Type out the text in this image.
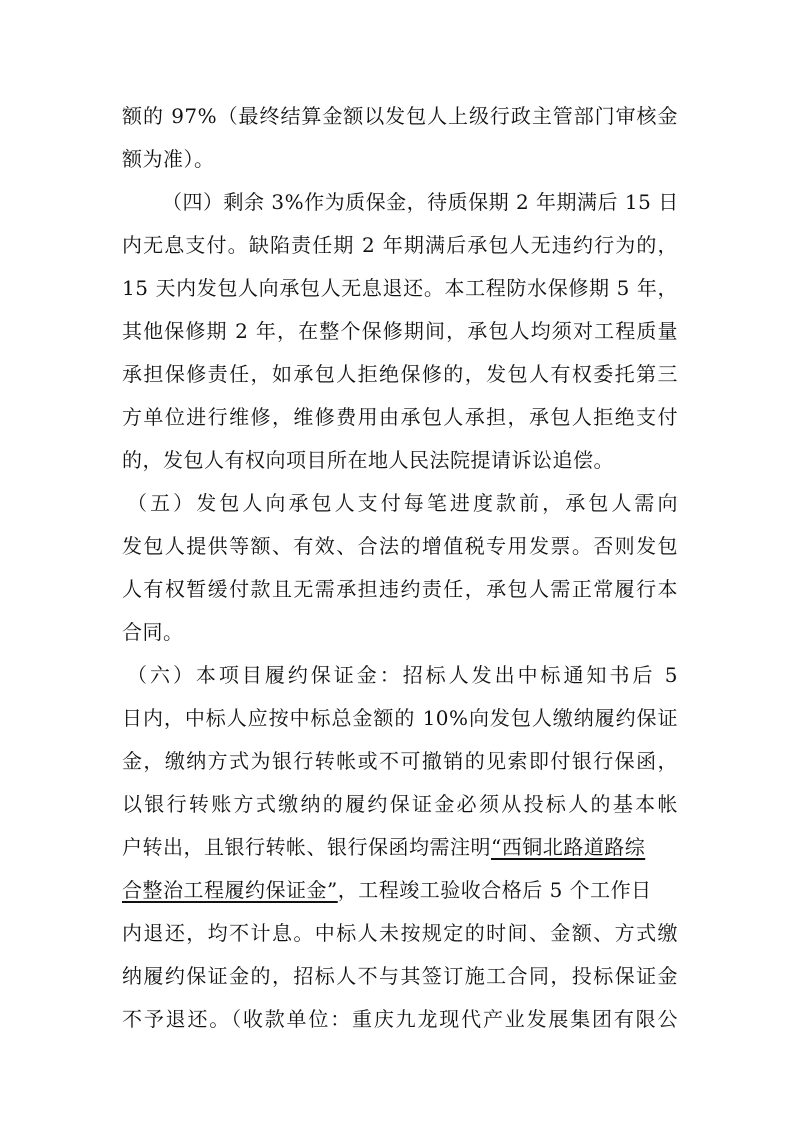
额的 97%（最终结算金额以发包人上级行政主管部门审核金
额为准）。
（四）剩余 3%作为质保金，待质保期 2 年期满后 15 日
内无息支付。缺陷责任期 2 年期满后承包人无违约行为的，
15 天内发包人向承包人无息退还。本工程防水保修期 5 年，
其他保修期 2 年，在整个保修期间，承包人均须对工程质量
承担保修责任，如承包人拒绝保修的，发包人有权委托第三
方单位进行维修，维修费用由承包人承担，承包人拒绝支付
的，发包人有权向项目所在地人民法院提请诉讼追偿。
（五）发包人向承包人支付每笔进度款前，承包人需向
发包人提供等额、有效、合法的增值税专用发票。否则发包
人有权暂缓付款且无需承担违约责任，承包人需正常履行本
合同。
（六）本项目履约保证金：招标人发出中标通知书后 5
日内，中标人应按中标总金额的 10%向发包人缴纳履约保证
金，缴纳方式为银行转帐或不可撤销的见索即付银行保函，
以银行转账方式缴纳的履约保证金必须从投标人的基本帐
户转出，且银行转帐、银行保函均需注明“西铜北路道路综
合整治工程履约保证金”，工程竣工验收合格后 5 个工作日
内退还，均不计息。中标人未按规定的时间、金额、方式缴
纳履约保证金的，招标人不与其签订施工合同，投标保证金
不予退还。（收款单位：重庆九龙现代产业发展集团有限公
